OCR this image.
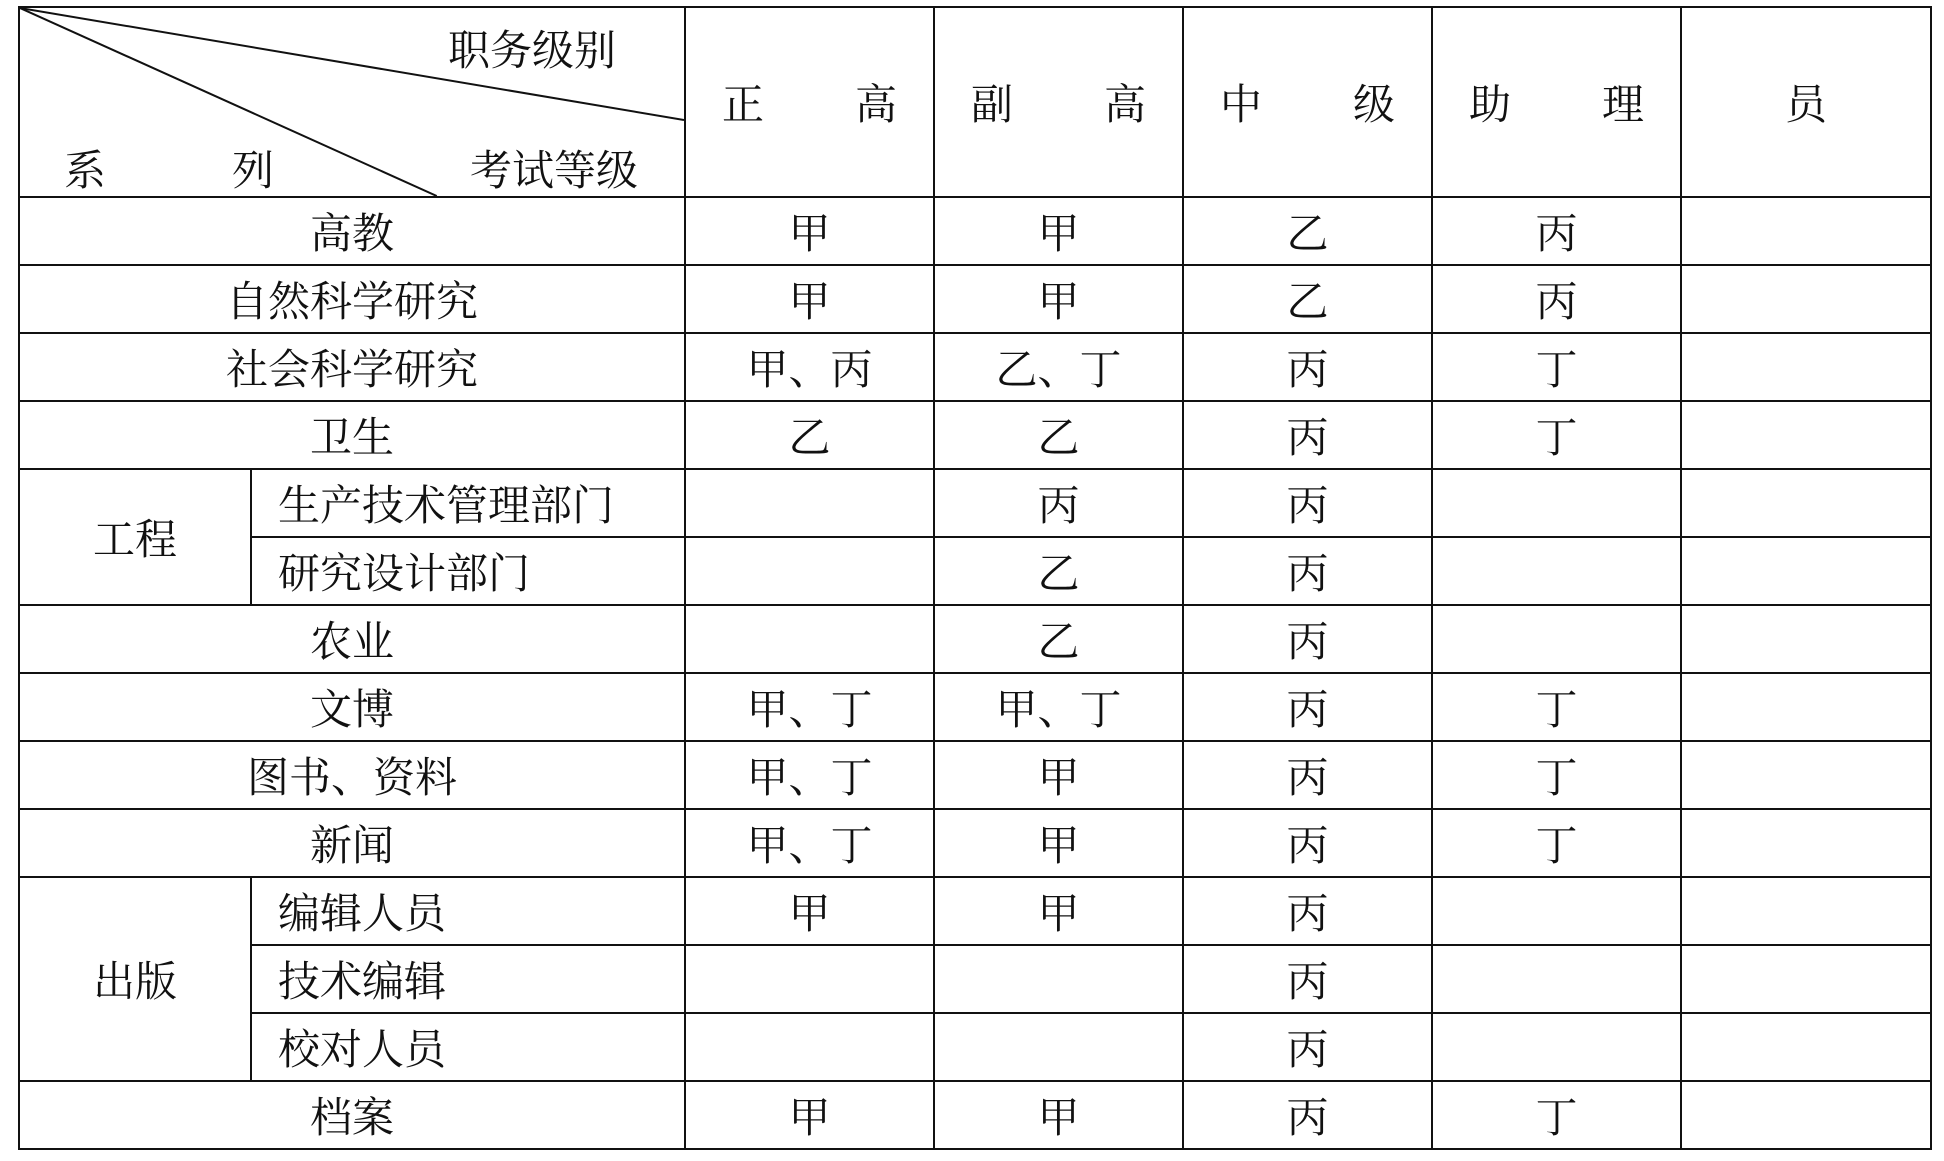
职务级别
考试等级
系　　　列		正 高	副 高	中 级	助 理	员
高教		甲	甲	乙	丙	
自然科学研究		甲	甲	乙	丙	
社会科学研究		甲、丙	乙、丁	丙	丁	
卫生		乙	乙	丙	丁	
工程	生产技术管理部门		丙	丙		
	研究设计部门		乙	丙		
农业			乙	丙		
文博		甲、丁	甲、丁	丙	丁	
图书、资料		甲、丁	甲	丙	丁	
新闻		甲、丁	甲	丙	丁	
出版	编辑人员	甲	甲	丙		
	技术编辑			丙		
	校对人员			丙		
档案		甲	甲	丙	丁	
